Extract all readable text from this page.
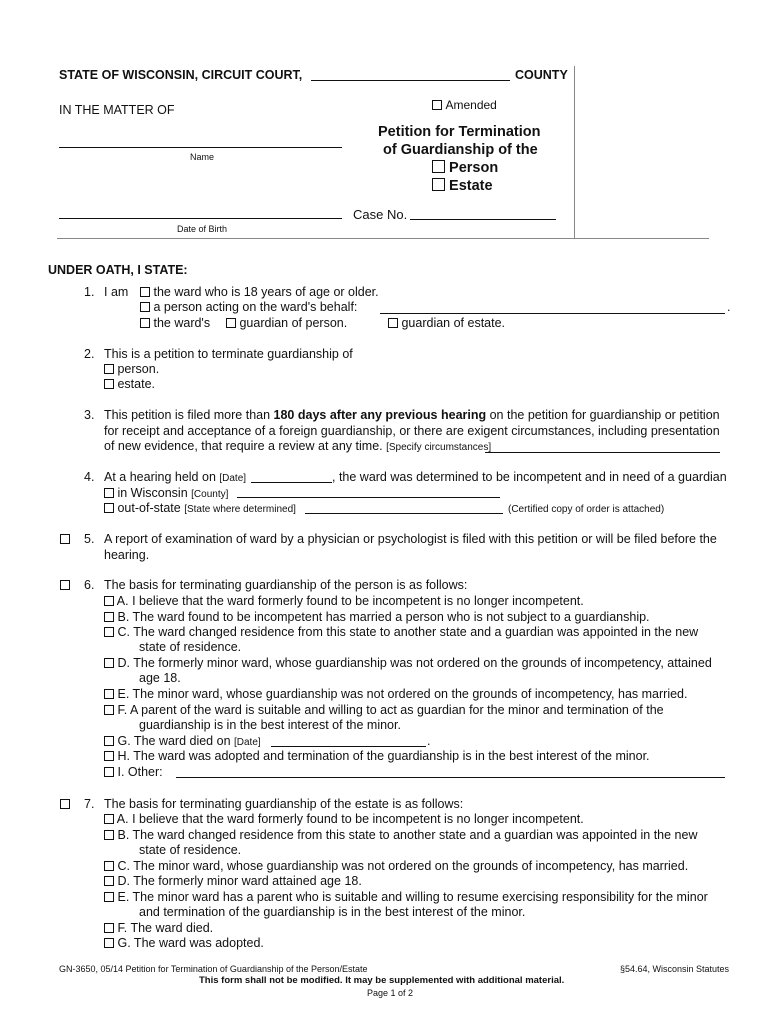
STATE OF WISCONSIN, CIRCUIT COURT,	COUNTY
IN THE MATTER OF
Name
Date of Birth
Amended
Petition for Termination
of Guardianship of the
Person
Estate
Case No.
UNDER OATH, I STATE:
1. I am	the ward who is 18 years of age or older.
a person acting on the ward's behalf:	.
the ward's	guardian of person.	guardian of estate.
2. This is a petition to terminate guardianship of
person.
estate.
3. This petition is filed more than 180 days after any previous hearing on the petition for guardianship or petition
for receipt and acceptance of a foreign guardianship, or there are exigent circumstances, including presentation
of new evidence, that require a review at any time. [Specify circumstances]
4. At a hearing held on [Date]	, the ward was determined to be incompetent and in need of a guardian
in Wisconsin [County]
out-of-state [State where determined]	(Certified copy of order is attached)
5. A report of examination of ward by a physician or psychologist is filed with this petition or will be filed before the
hearing.
6. The basis for terminating guardianship of the person is as follows:
A. I believe that the ward formerly found to be incompetent is no longer incompetent.
B. The ward found to be incompetent has married a person who is not subject to a guardianship.
C. The ward changed residence from this state to another state and a guardian was appointed in the new
state of residence.
D. The formerly minor ward, whose guardianship was not ordered on the grounds of incompetency, attained
age 18.
E. The minor ward, whose guardianship was not ordered on the grounds of incompetency, has married.
F. A parent of the ward is suitable and willing to act as guardian for the minor and termination of the
guardianship is in the best interest of the minor.
G. The ward died on [Date]	.
H. The ward was adopted and termination of the guardianship is in the best interest of the minor.
I. Other:
7. The basis for terminating guardianship of the estate is as follows:
A. I believe that the ward formerly found to be incompetent is no longer incompetent.
B. The ward changed residence from this state to another state and a guardian was appointed in the new
state of residence.
C. The minor ward, whose guardianship was not ordered on the grounds of incompetency, has married.
D. The formerly minor ward attained age 18.
E. The minor ward has a parent who is suitable and willing to resume exercising responsibility for the minor
and termination of the guardianship is in the best interest of the minor.
F. The ward died.
G. The ward was adopted.
GN-3650, 05/14 Petition for Termination of Guardianship of the Person/Estate	§54.64, Wisconsin Statutes
This form shall not be modified. It may be supplemented with additional material.
Page 1 of 2
